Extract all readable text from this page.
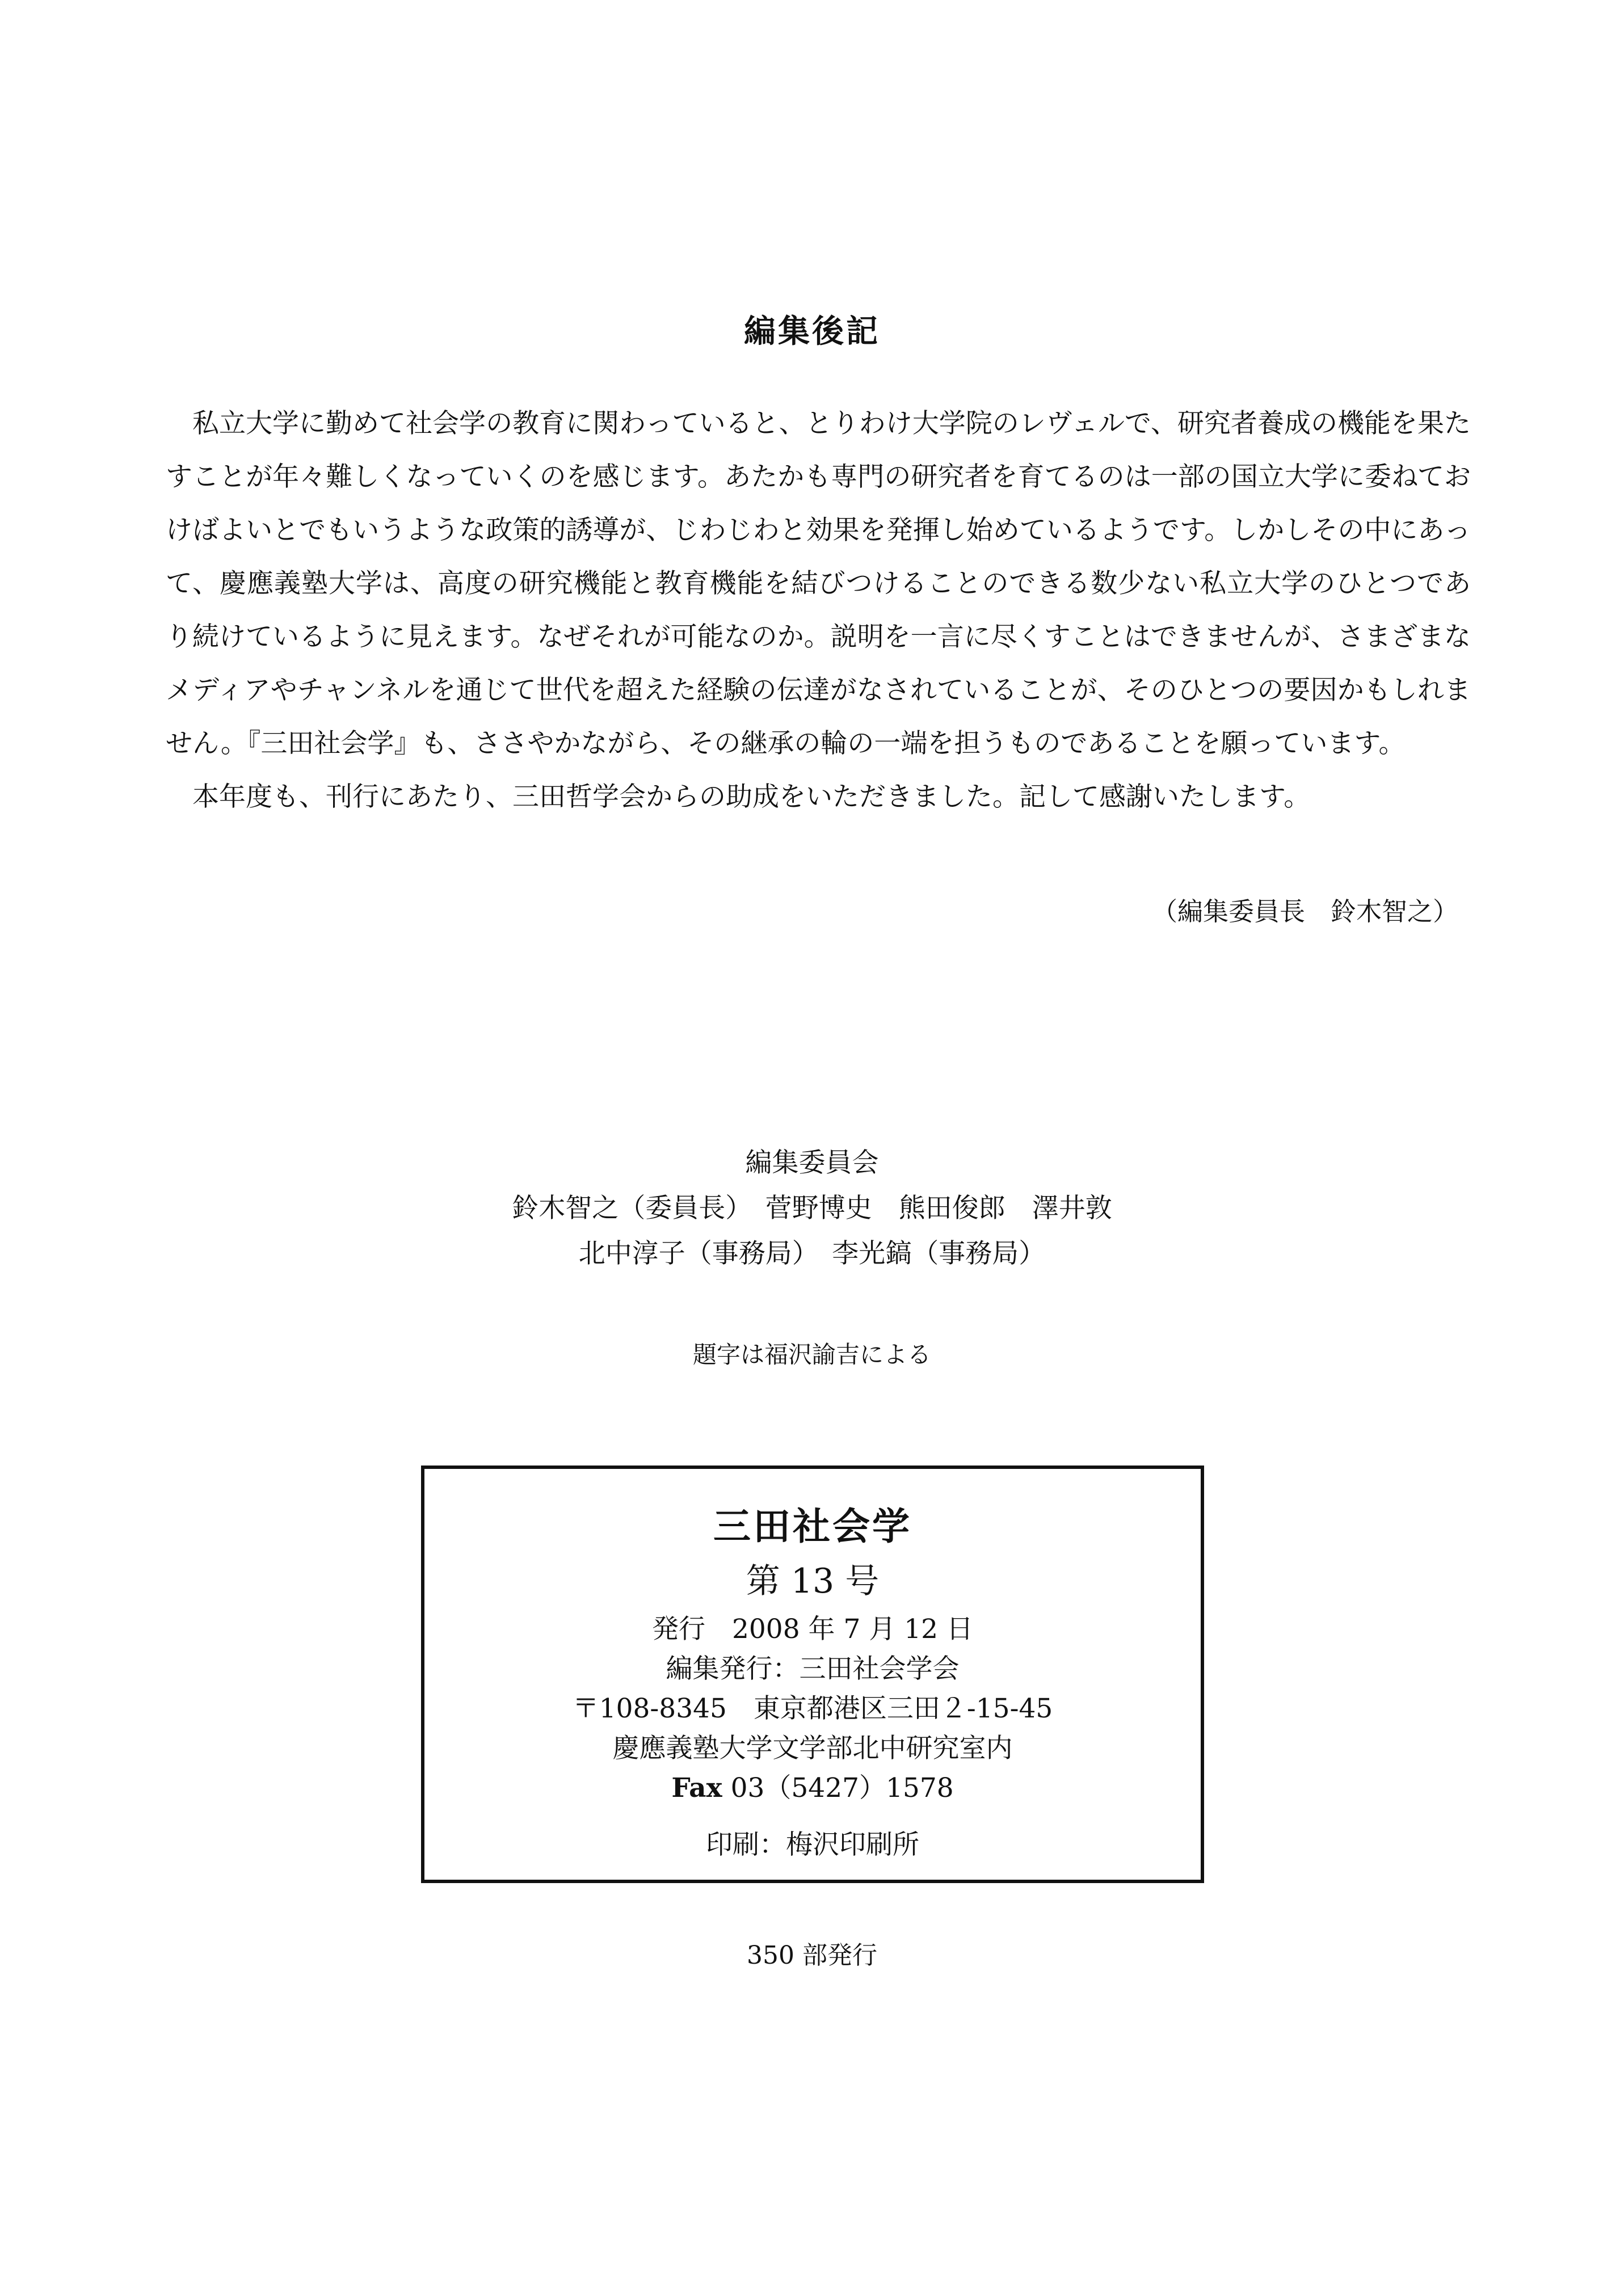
編集後記

私立大学に勤めて社会学の教育に関わっていると、とりわけ大学院のレヴェルで、研究者養成の機能を果たすことが年々難しくなっていくのを感じます。あたかも専門の研究者を育てるのは一部の国立大学に委ねておけばよいとでもいうような政策的誘導が、じわじわと効果を発揮し始めているようです。しかしその中にあって、慶應義塾大学は、高度の研究機能と教育機能を結びつけることのできる数少ない私立大学のひとつであり続けているように見えます。なぜそれが可能なのか。説明を一言に尽くすことはできませんが、さまざまなメディアやチャンネルを通じて世代を超えた経験の伝達がなされていることが、そのひとつの要因かもしれません。『三田社会学』も、ささやかながら、その継承の輪の一端を担うものであることを願っています。

本年度も、刊行にあたり、三田哲学会からの助成をいただきました。記して感謝いたします。

（編集委員長　鈴木智之）
編集委員会
鈴木智之（委員長）　菅野博史　熊田俊郎　澤井敦
北中淳子（事務局）　李光鎬（事務局）
題字は福沢諭吉による
三田社会学
第 13 号
発行　2008 年 7 月 12 日
編集発行：三田社会学会
〒108-8345　東京都港区三田２-15-45
慶應義塾大学文学部北中研究室内
Fax 03（5427）1578
印刷：梅沢印刷所
350 部発行
